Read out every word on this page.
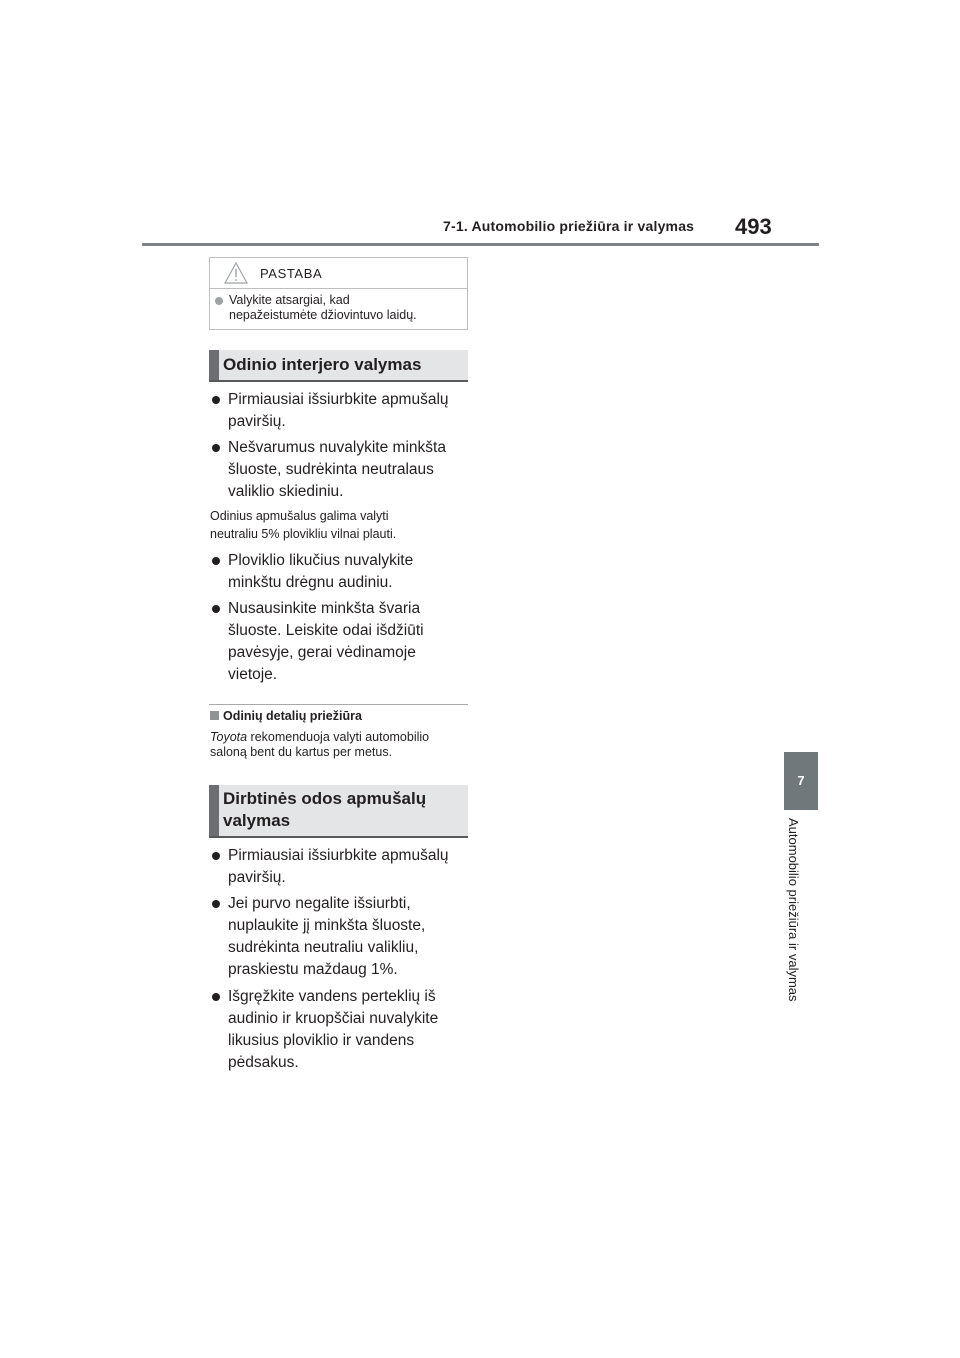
7-1. Automobilio priežiūra ir valymas 493
7
Automobilio priežiūra ir valymas
PASTABA
Valykite atsargiai, kad
nepažeistumėte džiovintuvo laidų.
Odinio interjero valymas
Pirmiausiai išsiurbkite apmušalų
paviršių.
Nešvarumus nuvalykite minkšta
šluoste, sudrėkinta neutralaus
valiklio skiediniu.
Odinius apmušalus galima valyti
neutraliu 5% plovikliu vilnai plauti.
Ploviklio likučius nuvalykite
minkštu drėgnu audiniu.
Nusausinkite minkšta švaria
šluoste. Leiskite odai išdžiūti
pavėsyje, gerai vėdinamoje
vietoje.
Odinių detalių priežiūra
Toyota rekomenduoja valyti automobilio
saloną bent du kartus per metus.
Dirbtinės odos apmušalų
valymas
Pirmiausiai išsiurbkite apmušalų
paviršių.
Jei purvo negalite išsiurbti,
nuplaukite jį minkšta šluoste,
sudrėkinta neutraliu valikliu,
praskiestu maždaug 1%.
Išgręžkite vandens perteklių iš
audinio ir kruopščiai nuvalykite
likusius ploviklio ir vandens
pėdsakus.
